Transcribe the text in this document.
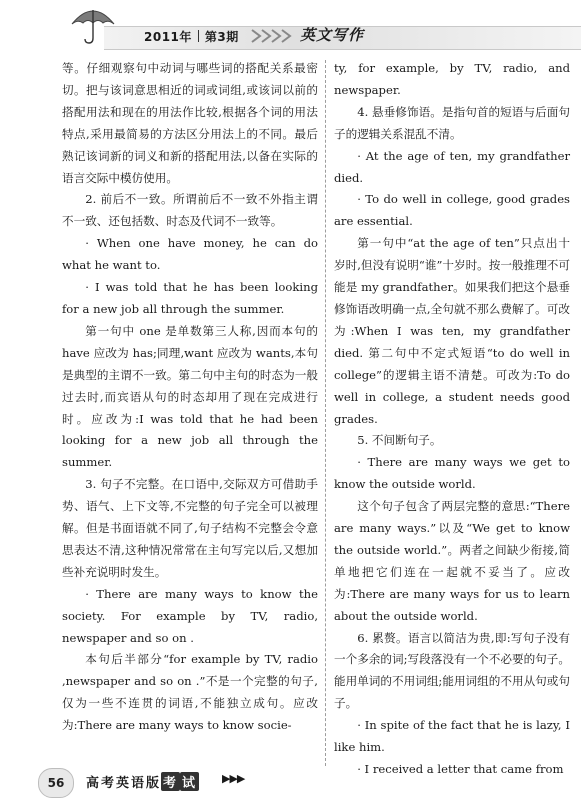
2011年 第3期	英文写作

等。仔细观察句中动词与哪些词的搭配关系最密切。把与该词意思相近的词或词组,或该词以前的搭配用法和现在的用法作比较,根据各个词的用法特点,采用最简易的方法区分用法上的不同。最后熟记该词新的词义和新的搭配用法,以备在实际的语言交际中模仿使用。

2. 前后不一致。所谓前后不一致不外指主谓不一致、还包括数、时态及代词不一致等。

· When one have money, he can do what he want to.

· I was told that he has been looking for a new job all through the summer.

第一句中 one 是单数第三人称,因而本句的 have 应改为 has;同理,want 应改为 wants,本句是典型的主谓不一致。第二句中主句的时态为一般过去时,而宾语从句的时态却用了现在完成进行时。应改为:I was told that he had been looking for a new job all through the summer.

3. 句子不完整。在口语中,交际双方可借助手势、语气、上下文等,不完整的句子完全可以被理解。但是书面语就不同了,句子结构不完整会令意思表达不清,这种情况常常在主句写完以后,又想加些补充说明时发生。

· There are many ways to know the society. For example by TV, radio, newspaper and so on .

本句后半部分“for example by TV, radio ,newspaper and so on .”不是一个完整的句子,仅为一些不连贯的词语,不能独立成句。应改为:There are many ways to know socie-

ty, for example, by TV, radio, and newspaper.

4. 悬垂修饰语。是指句首的短语与后面句子的逻辑关系混乱不清。

· At the age of ten, my grandfather died.

· To do well in college, good grades are essential.

第一句中“at the age of ten”只点出十岁时,但没有说明“谁”十岁时。按一般推理不可能是 my grandfather。如果我们把这个悬垂修饰语改明确一点,全句就不那么费解了。可改为:When I was ten, my grandfather died. 第二句中不定式短语“to do well in college”的逻辑主语不清楚。可改为:To do well in college, a student needs good grades.

5. 不间断句子。

· There are many ways we get to know the outside world.

这个句子包含了两层完整的意思:“There are many ways.”以及“We get to know the outside world.”。两者之间缺少衔接,简单地把它们连在一起就不妥当了。应改为:There are many ways for us to learn about the outside world.

6. 累赘。语言以简洁为贵,即:写句子没有一个多余的词;写段落没有一个不必要的句子。能用单词的不用词组;能用词组的不用从句或句子。

· In spite of the fact that he is lazy, I like him.

· I received a letter that came from

56	高考英语版 考 试 ▶▶▶
